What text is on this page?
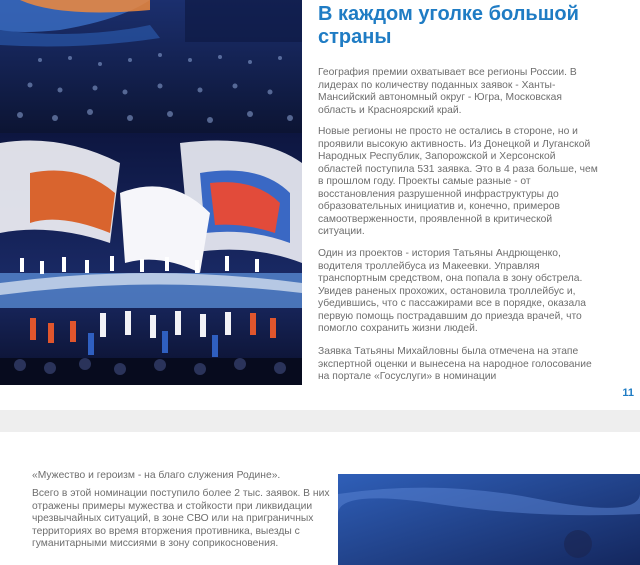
В каждом уголке большой страны

География премии охватывает все регионы России. В лидерах по количеству поданных заявок - Ханты-Мансийский автономный округ - Югра, Московская область и Красноярский край.

Новые регионы не просто не остались в стороне, но и проявили высокую активность. Из Донецкой и Луганской Народных Республик, Запорожской и Херсонской областей поступила 531 заявка. Это в 4 раза больше, чем в прошлом году. Проекты самые разные - от восстановления разрушенной инфраструктуры до образовательных инициатив и, конечно, примеров самоотверженности, проявленной в критической ситуации.

Один из проектов - история Татьяны Андрющенко, водителя троллейбуса из Макеевки. Управляя транспортным средством, она попала в зону обстрела. Увидев раненых прохожих, остановила троллейбус и, убедившись, что с пассажирами все в порядке, оказала первую помощь пострадавшим до приезда врачей, что помогло сохранить жизни людей.

Заявка Татьяны Михайловны была отмечена на этапе экспертной оценки и вынесена на народное голосование на портале «Госуслуги» в номинации

11

«Мужество и героизм - на благо служения Родине».

Всего в этой номинации поступило более 2 тыс. заявок. В них отражены примеры мужества и стойкости при ликвидации чрезвычайных ситуаций, в зоне СВО или на приграничных территориях во время вторжения противника, выезды с гуманитарными миссиями в зону соприкосновения.
